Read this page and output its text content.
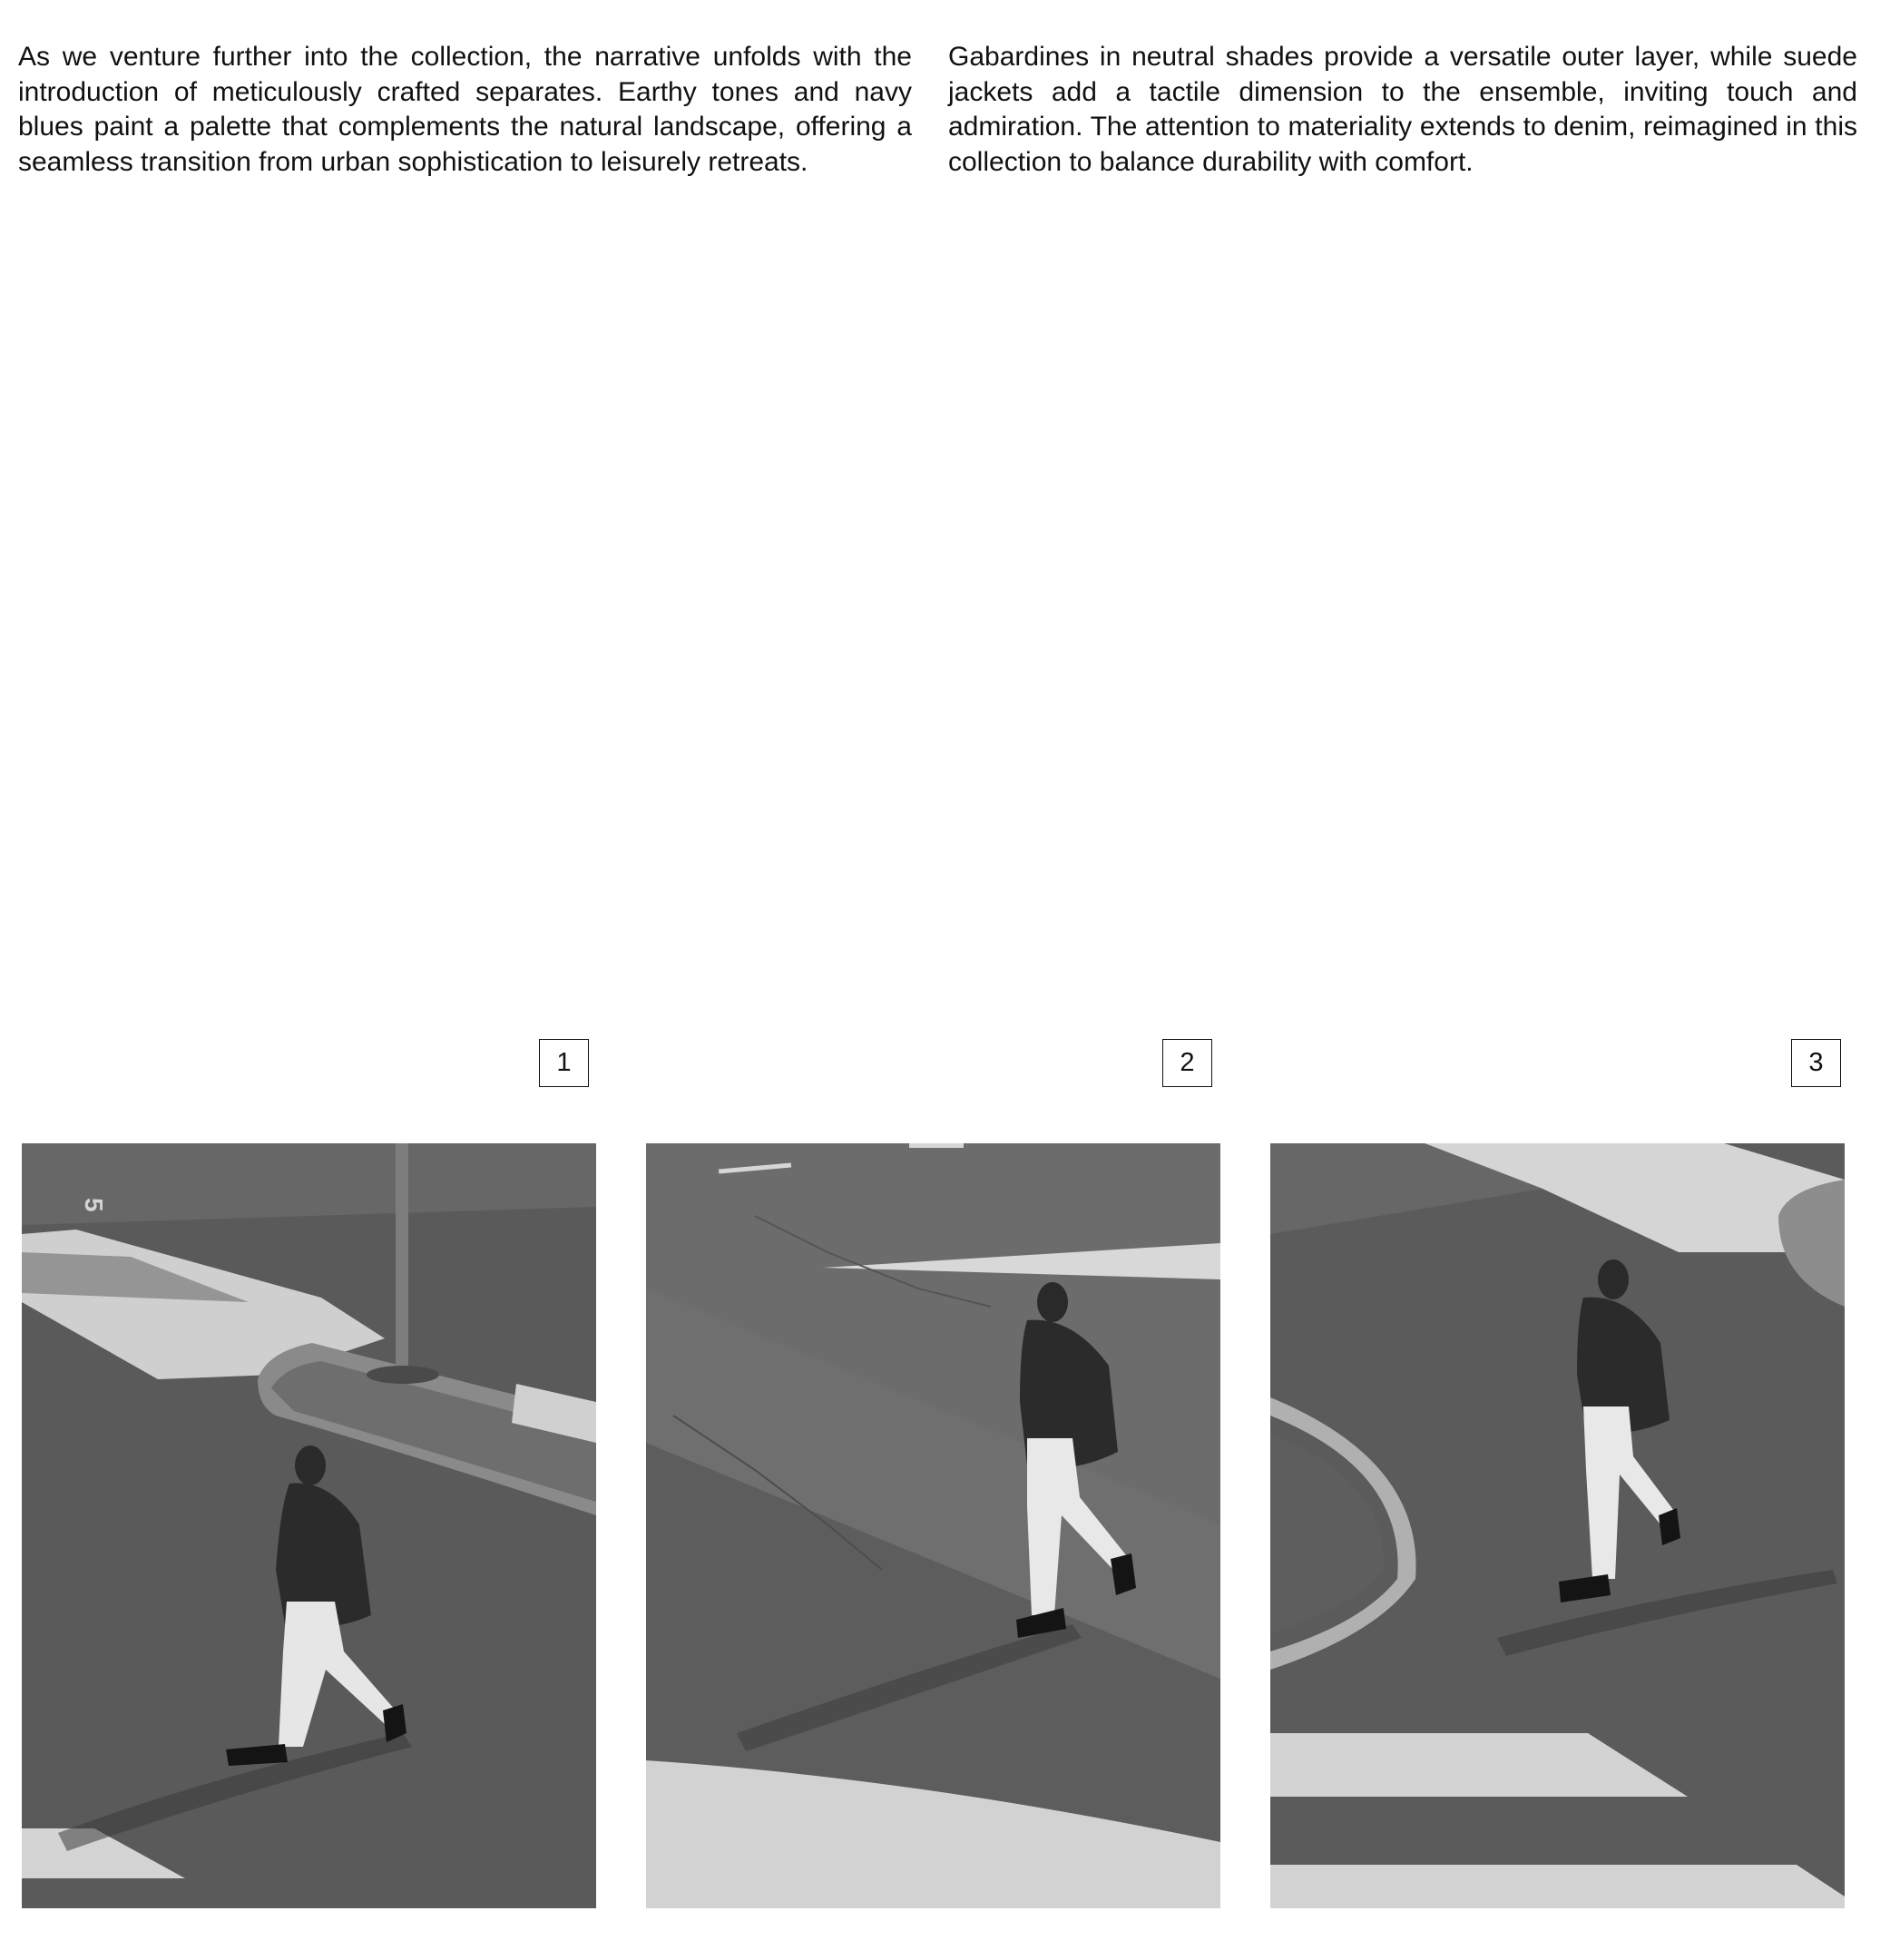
As we venture further into the collection, the narrative unfolds with the introduction of meticulously crafted separates. Earthy tones and navy blues paint a palette that complements the natural landscape, offering a seamless transition from urban sophistication to leisurely retreats.

Gabardines in neutral shades provide a versatile outer layer, while suede jackets add a tactile dimension to the ensemble, inviting touch and admiration. The attention to materiality extends to denim, reimagined in this collection to balance durability with comfort.

1	2	3
5
